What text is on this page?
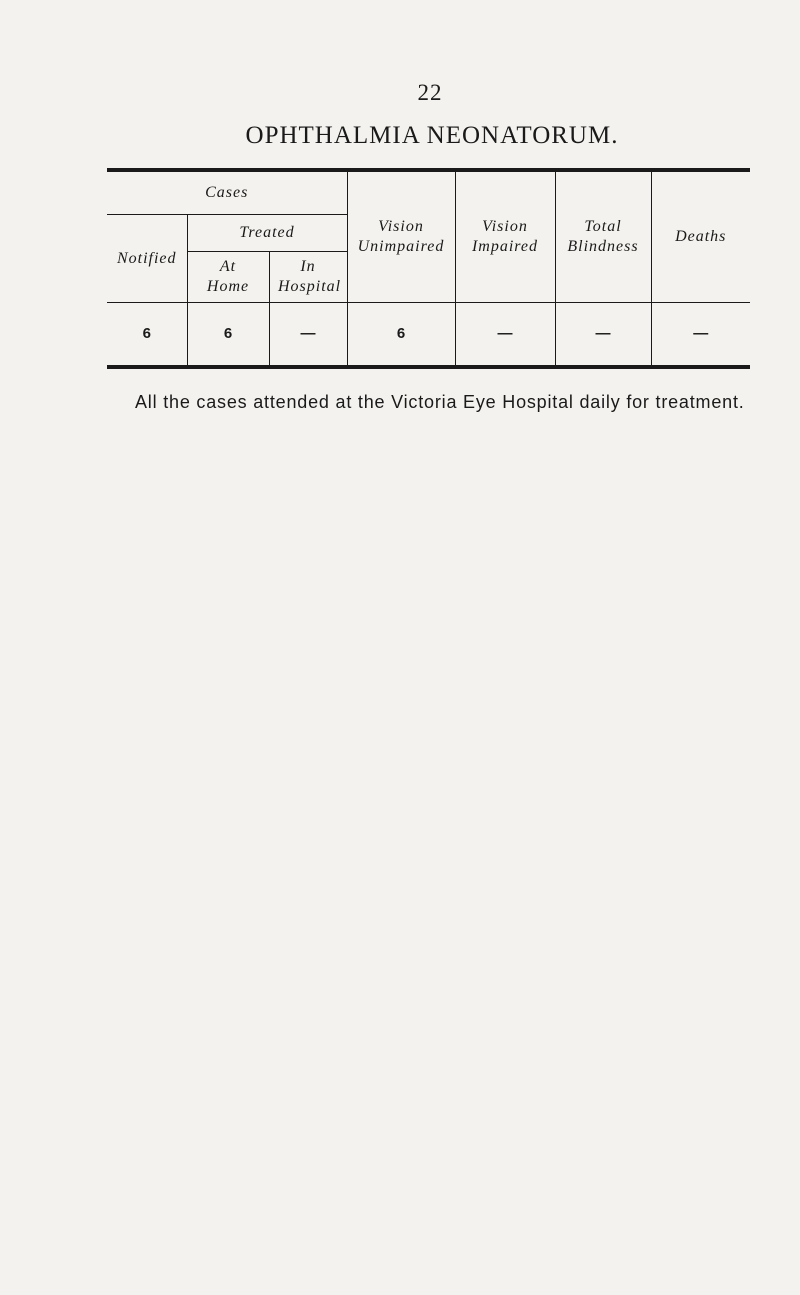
22
OPHTHALMIA NEONATORUM.
Cases			Vision Unimpaired	Vision Impaired	Total Blindness	Deaths
Notified	Treated					
	At Home	In Hospital				
6	6	—	6	—	—	—

All the cases attended at the Victoria Eye Hospital daily for treatment.
